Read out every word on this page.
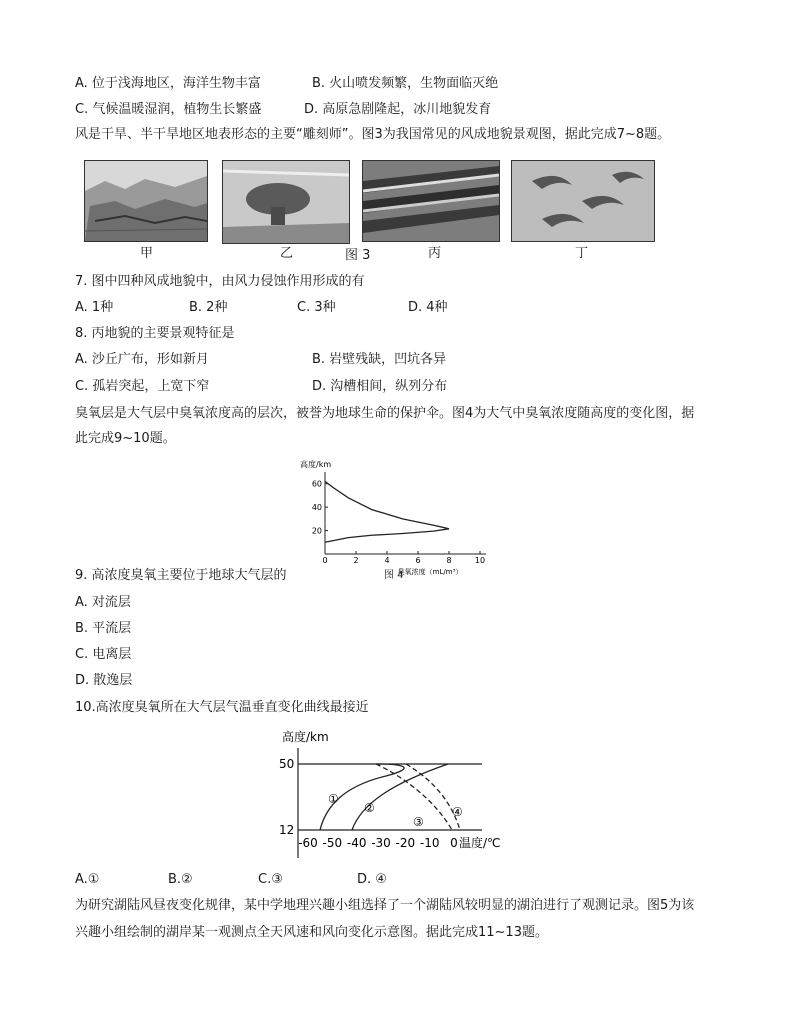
A. 位于浅海地区，海洋生物丰富	B. 火山喷发频繁，生物面临灭绝
C. 气候温暖湿润，植物生长繁盛	D. 高原急剧隆起，冰川地貌发育
风是干旱、半干旱地区地表形态的主要“雕刻师”。图3为我国常见的风成地貌景观图，据此完成7~8题。
甲	乙	图 3	丙	丁
7. 图中四种风成地貌中，由风力侵蚀作用形成的有
A. 1种	B. 2种	C. 3种	D. 4种
8. 丙地貌的主要景观特征是
A. 沙丘广布，形如新月	B. 岩壁残缺，凹坑各异
C. 孤岩突起，上宽下窄	D. 沟槽相间，纵列分布
臭氧层是大气层中臭氧浓度高的层次，被誉为地球生命的保护伞。图4为大气中臭氧浓度随高度的变化图，据
此完成9~10题。
高度/km
0	2	4	6	8	10
20
40
60
臭氧浓度（mL/m³）
图 4
9. 高浓度臭氧主要位于地球大气层的
A. 对流层
B. 平流层
C. 电离层
D. 散逸层
10.高浓度臭氧所在大气层气温垂直变化曲线最接近
高度/km
50
12
①
②
③
④
-60 -50 -40 -30 -20 -10 0 温度/℃
A.①	B.②	C.③	D. ④
为研究湖陆风昼夜变化规律，某中学地理兴趣小组选择了一个湖陆风较明显的湖泊进行了观测记录。图5为该
兴趣小组绘制的湖岸某一观测点全天风速和风向变化示意图。据此完成11~13题。
